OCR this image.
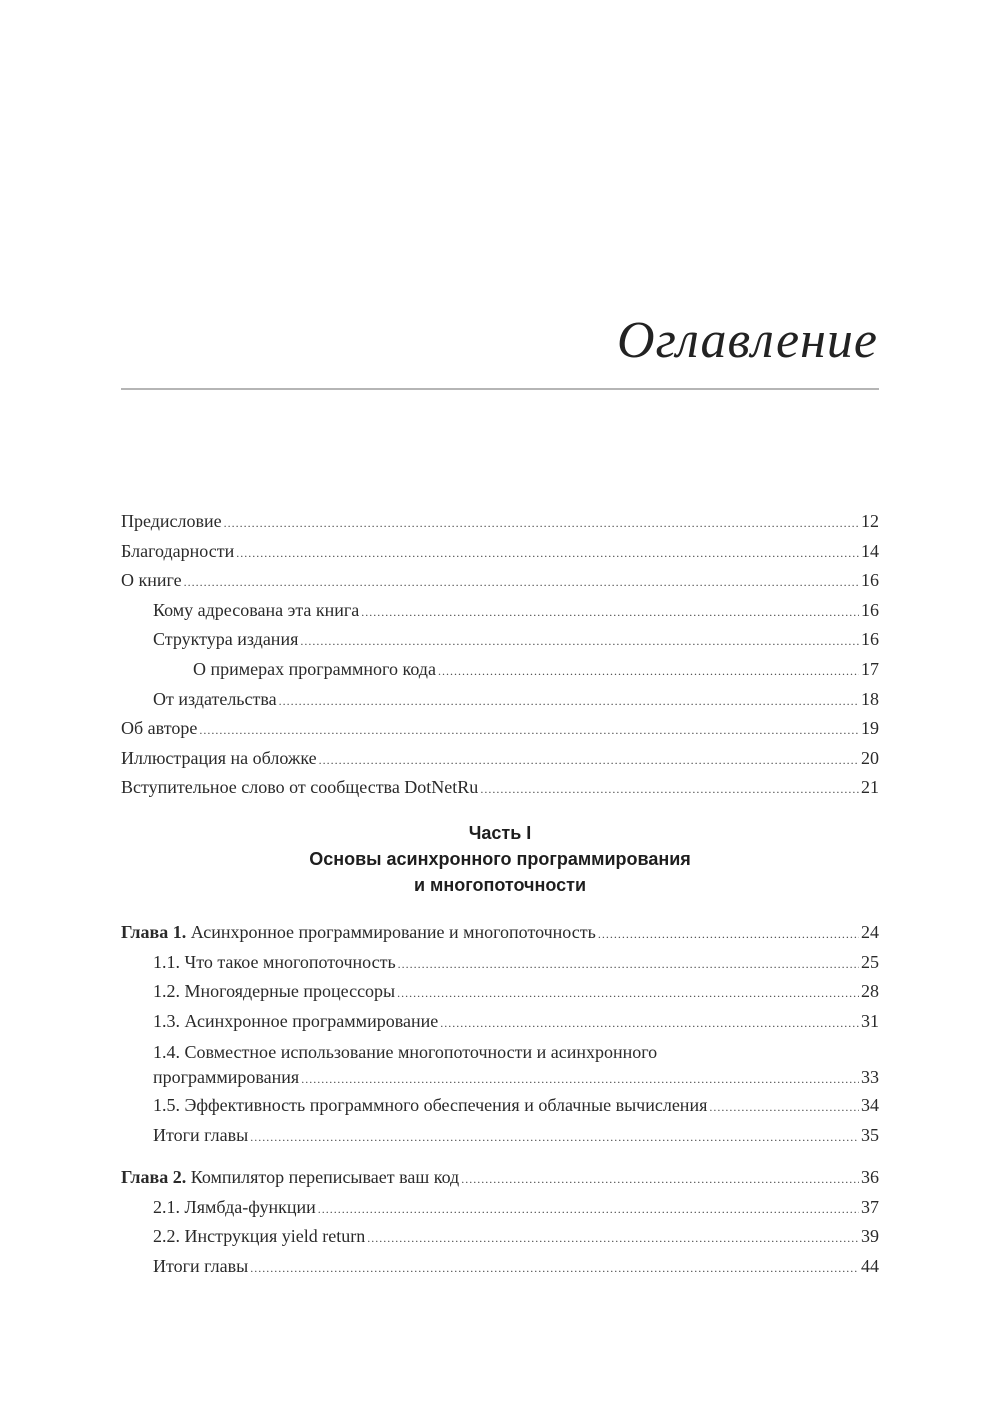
Оглавление
Предисловие .....	12
Благодарности .....	14
О книге .....	16
Кому адресована эта книга .....	16
Структура издания .....	16
О примерах программного кода .....	17
От издательства .....	18
Об авторе .....	19
Иллюстрация на обложке .....	20
Вступительное слово от сообщества DotNetRu .....	21
Часть I
Основы асинхронного программирования
и многопоточности
Глава 1. Асинхронное программирование и многопоточность .....	24
1.1. Что такое многопоточность .....	25
1.2. Многоядерные процессоры .....	28
1.3. Асинхронное программирование .....	31
1.4. Совместное использование многопоточности и асинхронного
программирования .....	33
1.5. Эффективность программного обеспечения и облачные вычисления .....	34
Итоги главы .....	35
Глава 2. Компилятор переписывает ваш код .....	36
2.1. Лямбда-функции .....	37
2.2. Инструкция yield return .....	39
Итоги главы .....	44
